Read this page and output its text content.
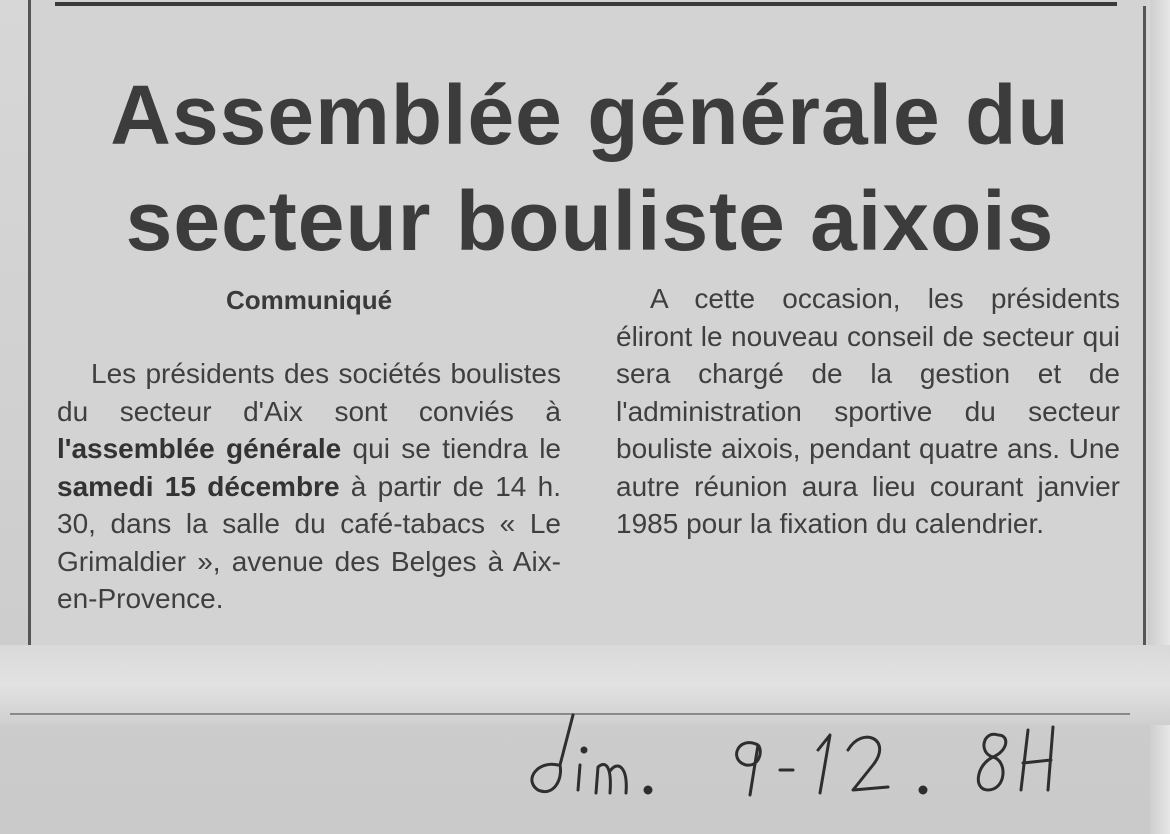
Assemblée générale du
secteur bouliste aixois
Communiqué

Les présidents des sociétés boulistes du secteur d'Aix sont conviés à l'assemblée générale qui se tiendra le samedi 15 décembre à partir de 14 h. 30, dans la salle du café-tabacs « Le Grimaldier », avenue des Belges à Aix-en-Provence.

A cette occasion, les présidents éliront le nouveau conseil de secteur qui sera chargé de la gestion et de l'administration sportive du secteur bouliste aixois, pendant quatre ans. Une autre réunion aura lieu courant janvier 1985 pour la fixation du calendrier.
